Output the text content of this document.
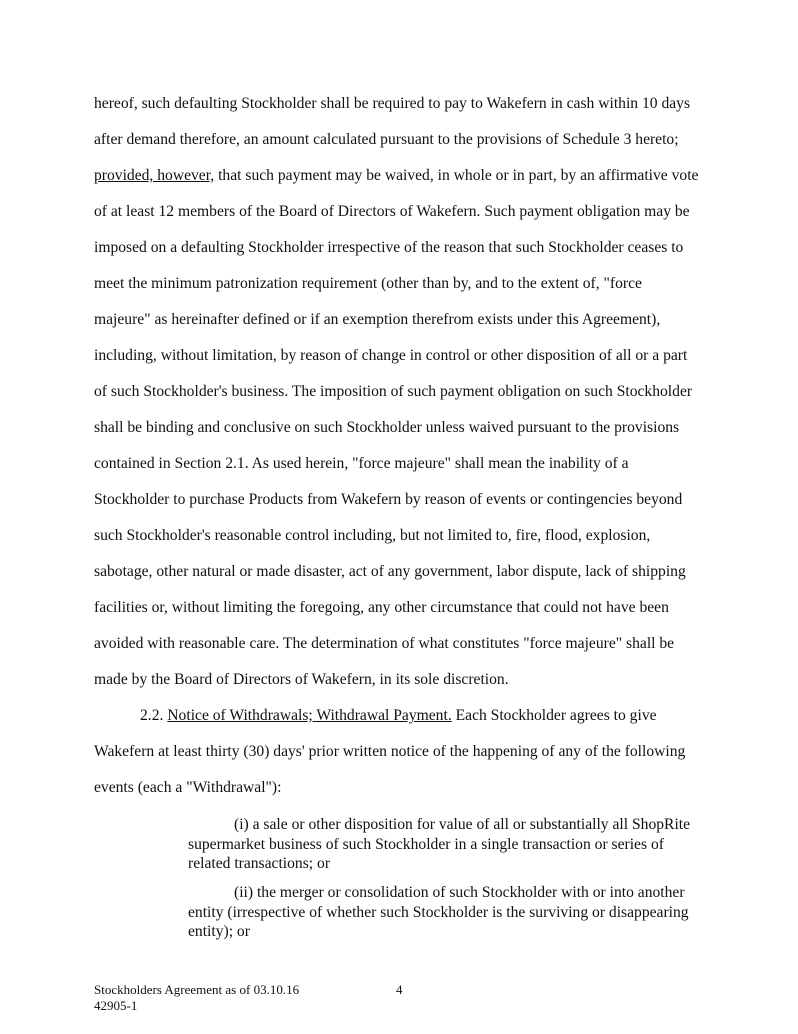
hereof, such defaulting Stockholder shall be required to pay to Wakefern in cash within 10 days
after demand therefore, an amount calculated pursuant to the provisions of Schedule 3 hereto;
provided, however, that such payment may be waived, in whole or in part, by an affirmative vote
of at least 12 members of the Board of Directors of Wakefern. Such payment obligation may be
imposed on a defaulting Stockholder irrespective of the reason that such Stockholder ceases to
meet the minimum patronization requirement (other than by, and to the extent of, "force
majeure" as hereinafter defined or if an exemption therefrom exists under this Agreement),
including, without limitation, by reason of change in control or other disposition of all or a part
of such Stockholder's business. The imposition of such payment obligation on such Stockholder
shall be binding and conclusive on such Stockholder unless waived pursuant to the provisions
contained in Section 2.1. As used herein, "force majeure" shall mean the inability of a
Stockholder to purchase Products from Wakefern by reason of events or contingencies beyond
such Stockholder's reasonable control including, but not limited to, fire, flood, explosion,
sabotage, other natural or made disaster, act of any government, labor dispute, lack of shipping
facilities or, without limiting the foregoing, any other circumstance that could not have been
avoided with reasonable care. The determination of what constitutes "force majeure" shall be
made by the Board of Directors of Wakefern, in its sole discretion.
2.2. Notice of Withdrawals; Withdrawal Payment. Each Stockholder agrees to give
Wakefern at least thirty (30) days' prior written notice of the happening of any of the following
events (each a "Withdrawal"):
(i) a sale or other disposition for value of all or substantially all ShopRite supermarket business of such Stockholder in a single transaction or series of related transactions; or
(ii) the merger or consolidation of such Stockholder with or into another entity (irrespective of whether such Stockholder is the surviving or disappearing entity); or
Stockholders Agreement as of 03.10.16	4
42905-1
